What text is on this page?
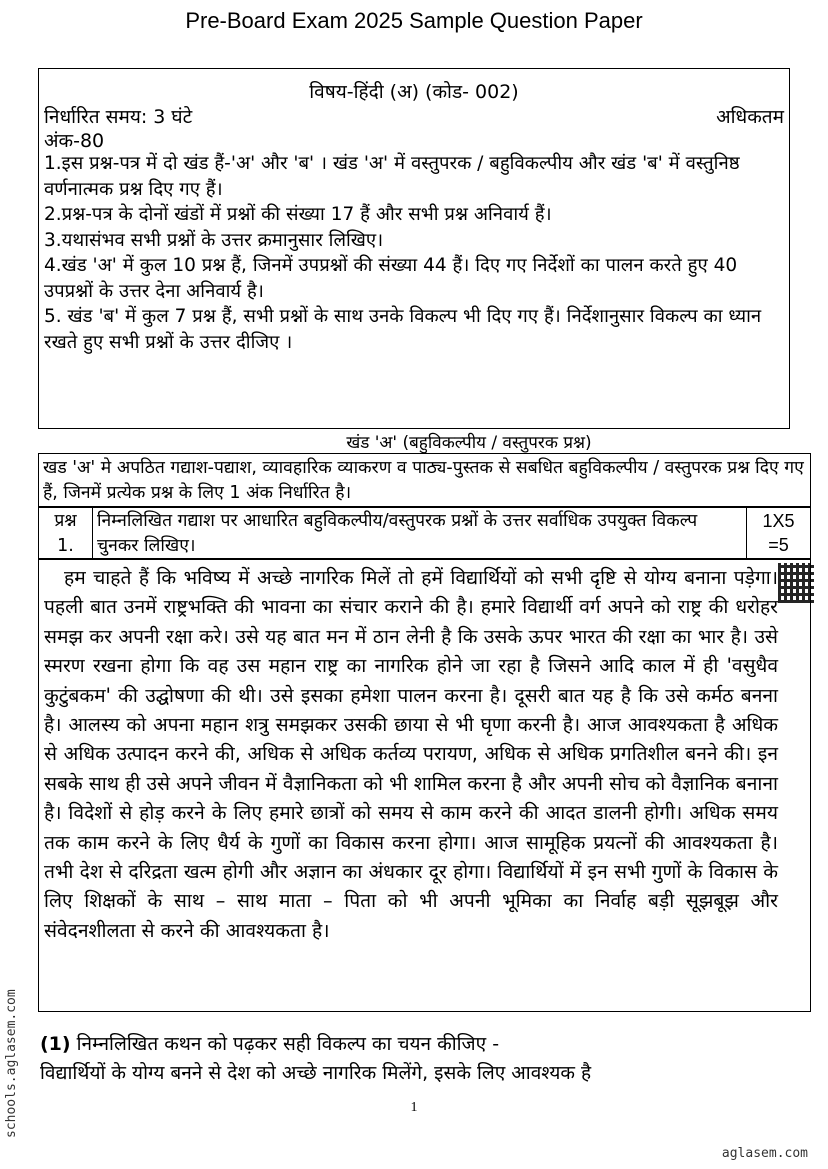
Pre-Board Exam 2025 Sample Question Paper
विषय-हिंदी (अ) (कोड- 002)
निर्धारित समय: 3 घंटे	अधिकतम
अंक-80
1.इस प्रश्न-पत्र में दो खंड हैं-'अ' और 'ब' । खंड 'अ' में वस्तुपरक / बहुविकल्पीय और खंड 'ब' में वस्तुनिष्ठ वर्णनात्मक प्रश्न दिए गए हैं।
2.प्रश्न-पत्र के दोनों खंडों में प्रश्नों की संख्या 17 हैं और सभी प्रश्न अनिवार्य हैं।
3.यथासंभव सभी प्रश्नों के उत्तर क्रमानुसार लिखिए।
4.खंड 'अ' में कुल 10 प्रश्न हैं, जिनमें उपप्रश्नों की संख्या 44 हैं। दिए गए निर्देशों का पालन करते हुए 40 उपप्रश्नों के उत्तर देना अनिवार्य है।
5. खंड 'ब' में कुल 7 प्रश्न हैं, सभी प्रश्नों के साथ उनके विकल्प भी दिए गए हैं। निर्देशानुसार विकल्प का ध्यान रखते हुए सभी प्रश्नों के उत्तर दीजिए ।
खंड 'अ' (बहुविकल्पीय / वस्तुपरक प्रश्न)
खड 'अ' मे अपठित गद्याश-पद्याश, व्यावहारिक व्याकरण व पाठ्य-पुस्तक से सबधित बहुविकल्पीय / वस्तुपरक प्रश्न दिए गए हैं, जिनमें प्रत्येक प्रश्न के लिए 1 अंक निर्धारित है।
प्रश्न
1.
निम्नलिखित गद्याश पर आधारित बहुविकल्पीय/वस्तुपरक प्रश्नों के उत्तर सर्वाधिक उपयुक्त विकल्प चुनकर लिखिए।
1X5
=5

हम चाहते हैं कि भविष्य में अच्छे नागरिक मिलें तो हमें विद्यार्थियों को सभी दृष्टि से योग्य बनाना पड़ेगा। पहली बात उनमें राष्ट्रभक्ति की भावना का संचार कराने की है। हमारे विद्यार्थी वर्ग अपने को राष्ट्र की धरोहर समझ कर अपनी रक्षा करे। उसे यह बात मन में ठान लेनी है कि उसके ऊपर भारत की रक्षा का भार है। उसे स्मरण रखना होगा कि वह उस महान राष्ट्र का नागरिक होने जा रहा है जिसने आदि काल में ही 'वसुधैव कुटुंबकम' की उद्घोषणा की थी। उसे इसका हमेशा पालन करना है। दूसरी बात यह है कि उसे कर्मठ बनना है। आलस्य को अपना महान शत्रु समझकर उसकी छाया से भी घृणा करनी है। आज आवश्यकता है अधिक से अधिक उत्पादन करने की, अधिक से अधिक कर्तव्य परायण, अधिक से अधिक प्रगतिशील बनने की। इन सबके साथ ही उसे अपने जीवन में वैज्ञानिकता को भी शामिल करना है और अपनी सोच को वैज्ञानिक बनाना है। विदेशों से होड़ करने के लिए हमारे छात्रों को समय से काम करने की आदत डालनी होगी। अधिक समय तक काम करने के लिए धैर्य के गुणों का विकास करना होगा। आज सामूहिक प्रयत्नों की आवश्यकता है। तभी देश से दरिद्रता खत्म होगी और अज्ञान का अंधकार दूर होगा। विद्यार्थियों में इन सभी गुणों के विकास के लिए शिक्षकों के साथ – साथ माता – पिता को भी अपनी भूमिका का निर्वाह बड़ी सूझबूझ और संवेदनशीलता से करने की आवश्यकता है।

(1) निम्नलिखित कथन को पढ़कर सही विकल्प का चयन कीजिए -
विद्यार्थियों के योग्य बनने से देश को अच्छे नागरिक मिलेंगे, इसके लिए आवश्यक है
1
schools.aglasem.com
aglasem.com
